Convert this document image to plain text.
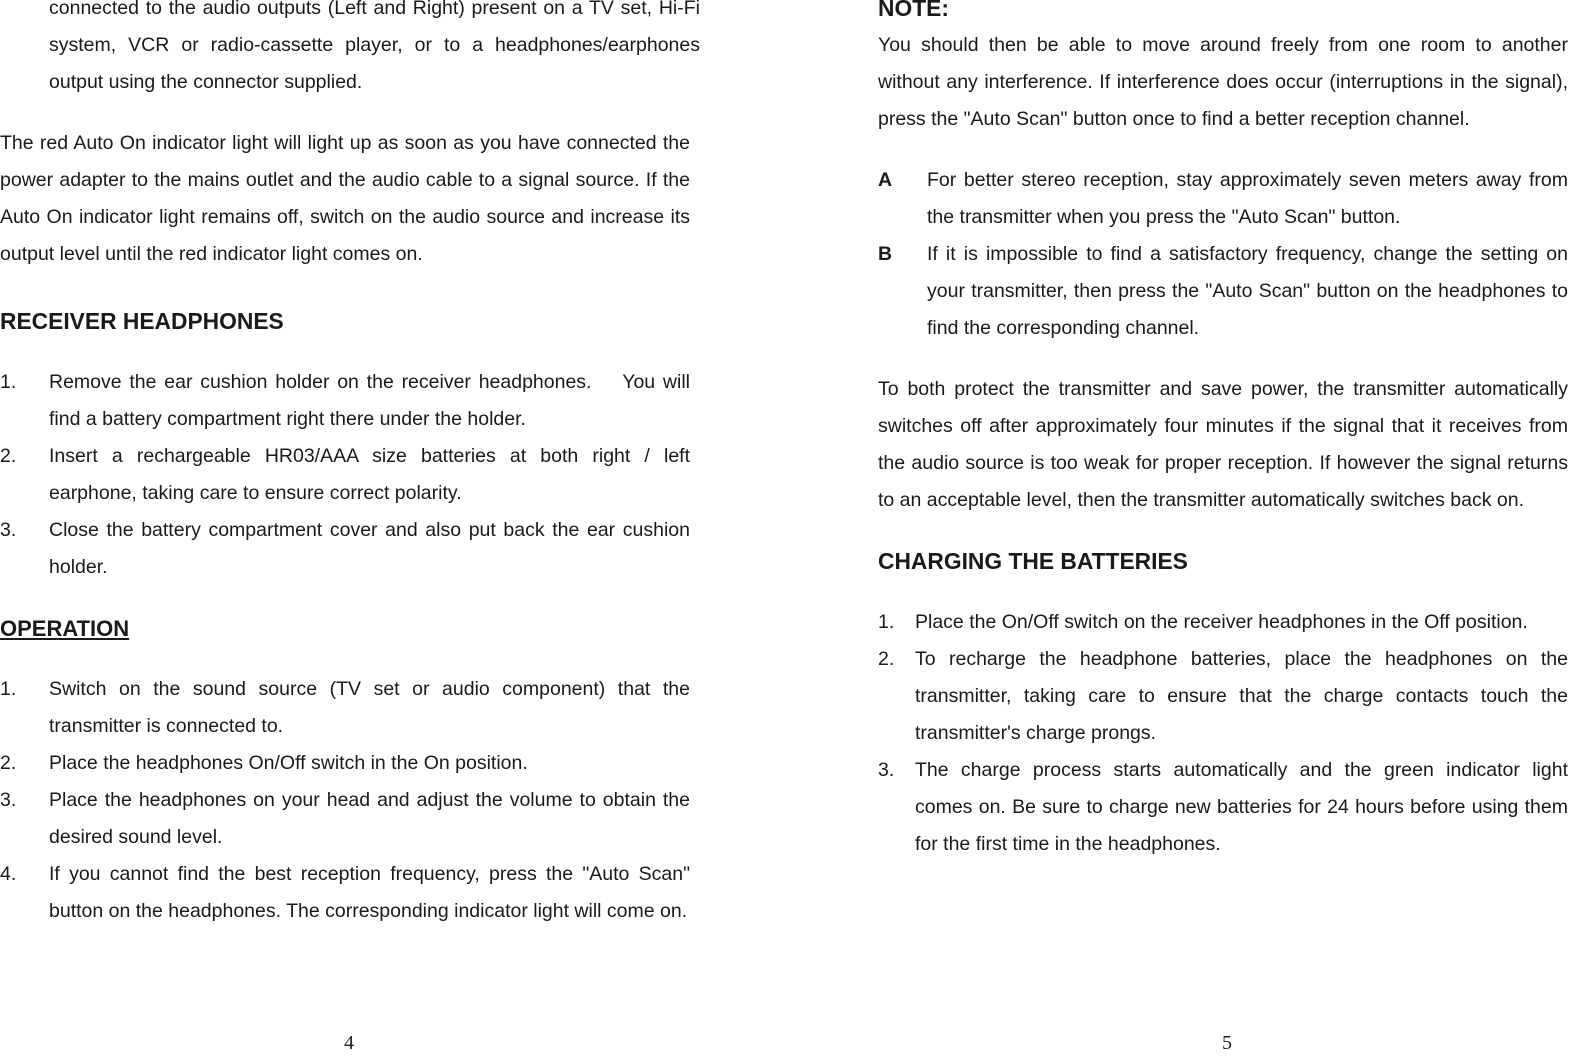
connected to the audio outputs (Left and Right) present on a TV set, Hi-Fi system, VCR or radio-cassette player, or to a headphones/earphones output using the connector supplied.

The red Auto On indicator light will light up as soon as you have connected the power adapter to the mains outlet and the audio cable to a signal source. If the Auto On indicator light remains off, switch on the audio source and increase its output level until the red indicator light comes on.

RECEIVER HEADPHONES
1. Remove the ear cushion holder on the receiver headphones.    You will find a battery compartment right there under the holder.
2. Insert a rechargeable HR03/AAA size batteries at both right / left earphone, taking care to ensure correct polarity.
3. Close the battery compartment cover and also put back the ear cushion holder.
OPERATION
1. Switch on the sound source (TV set or audio component) that the transmitter is connected to.
2. Place the headphones On/Off switch in the On position.
3. Place the headphones on your head and adjust the volume to obtain the desired sound level.
4. If you cannot find the best reception frequency, press the "Auto Scan" button on the headphones. The corresponding indicator light will come on.
NOTE:

You should then be able to move around freely from one room to another without any interference. If interference does occur (interruptions in the signal), press the "Auto Scan" button once to find a better reception channel.

A For better stereo reception, stay approximately seven meters away from the transmitter when you press the "Auto Scan" button.
B If it is impossible to find a satisfactory frequency, change the setting on your transmitter, then press the "Auto Scan" button on the headphones to find the corresponding channel.

To both protect the transmitter and save power, the transmitter automatically switches off after approximately four minutes if the signal that it receives from the audio source is too weak for proper reception. If however the signal returns to an acceptable level, then the transmitter automatically switches back on.

CHARGING THE BATTERIES
1. Place the On/Off switch on the receiver headphones in the Off position.
2. To recharge the headphone batteries, place the headphones on the transmitter, taking care to ensure that the charge contacts touch the transmitter's charge prongs.
3. The charge process starts automatically and the green indicator light comes on. Be sure to charge new batteries for 24 hours before using them for the first time in the headphones.
4	5
